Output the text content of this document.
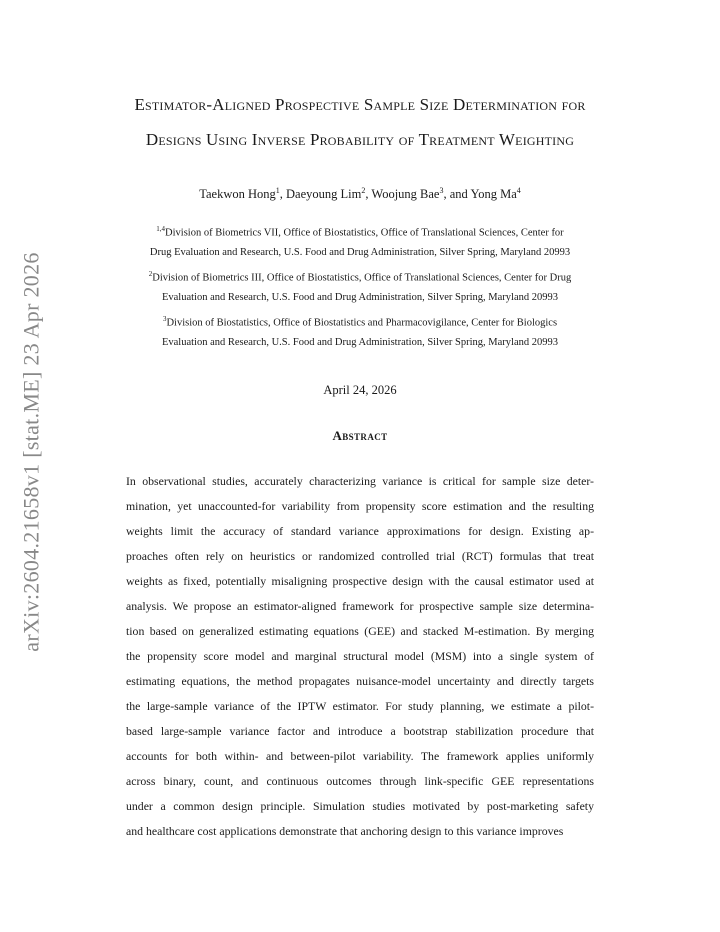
arXiv:2604.21658v1 [stat.ME] 23 Apr 2026
Estimator-Aligned Prospective Sample Size Determination for
Designs Using Inverse Probability of Treatment Weighting
Taekwon Hong$^1$, Daeyoung Lim$^2$, Woojung Bae$^3$, and Yong Ma$^4$
$^{1,4}$Division of Biometrics VII, Office of Biostatistics, Office of Translational Sciences, Center for
Drug Evaluation and Research, U.S. Food and Drug Administration, Silver Spring, Maryland 20993
$^2$Division of Biometrics III, Office of Biostatistics, Office of Translational Sciences, Center for Drug
Evaluation and Research, U.S. Food and Drug Administration, Silver Spring, Maryland 20993
$^3$Division of Biostatistics, Office of Biostatistics and Pharmacovigilance, Center for Biologics
Evaluation and Research, U.S. Food and Drug Administration, Silver Spring, Maryland 20993
April 24, 2026
Abstract
In observational studies, accurately characterizing variance is critical for sample size deter-
mination, yet unaccounted-for variability from propensity score estimation and the resulting
weights limit the accuracy of standard variance approximations for design. Existing ap-
proaches often rely on heuristics or randomized controlled trial (RCT) formulas that treat
weights as fixed, potentially misaligning prospective design with the causal estimator used at
analysis. We propose an estimator-aligned framework for prospective sample size determina-
tion based on generalized estimating equations (GEE) and stacked M-estimation. By merging
the propensity score model and marginal structural model (MSM) into a single system of
estimating equations, the method propagates nuisance-model uncertainty and directly targets
the large-sample variance of the IPTW estimator. For study planning, we estimate a pilot-
based large-sample variance factor and introduce a bootstrap stabilization procedure that
accounts for both within- and between-pilot variability. The framework applies uniformly
across binary, count, and continuous outcomes through link-specific GEE representations
under a common design principle. Simulation studies motivated by post-marketing safety
and healthcare cost applications demonstrate that anchoring design to this variance improves
